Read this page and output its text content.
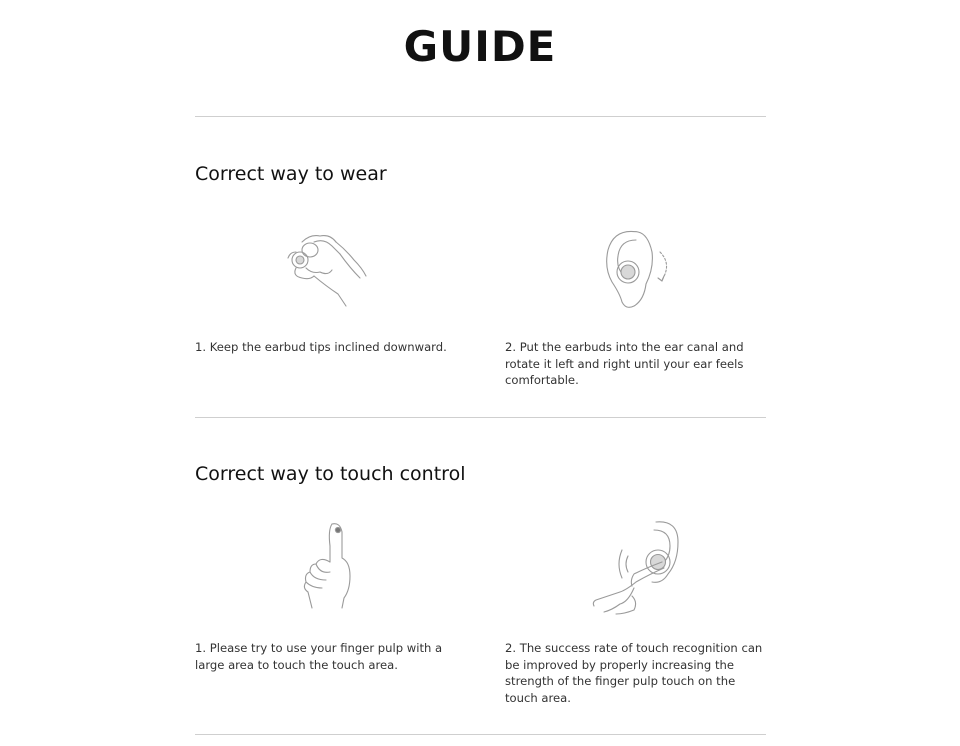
GUIDE
Correct way to wear

1. Keep the earbud tips inclined downward.	2. Put the earbuds into the ear canal and rotate it left and right until your ear feels comfortable.

Correct way to touch control

1. Please try to use your finger pulp with a large area to touch the touch area.

2. The success rate of touch recognition can be improved by properly increasing the strength of the finger pulp touch on the touch area.
